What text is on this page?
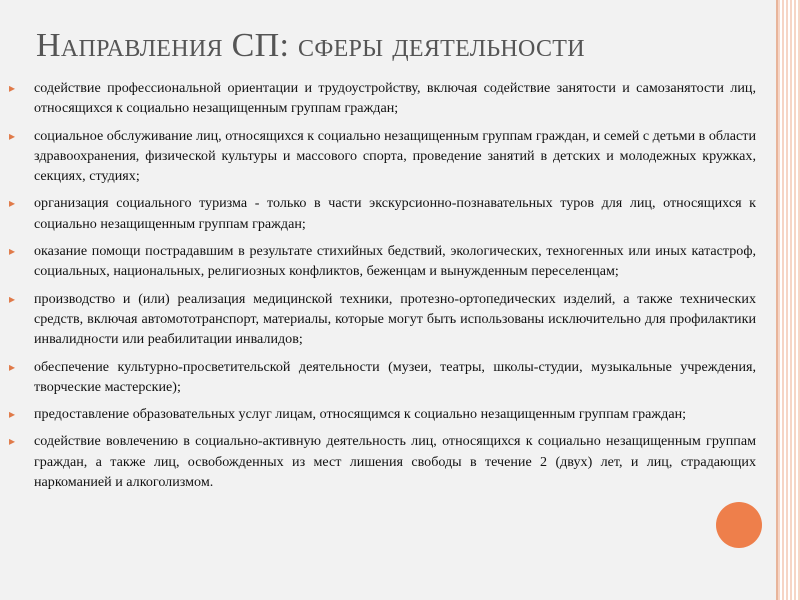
Направления СП: сферы деятельности
▸ содействие профессиональной ориентации и трудоустройству, включая содействие занятости и самозанятости лиц, относящихся к социально незащищенным группам граждан;
▸ социальное обслуживание лиц, относящихся к социально незащищенным группам граждан, и семей с детьми в области здравоохранения, физической культуры и массового спорта, проведение занятий в детских и молодежных кружках, секциях, студиях;
▸ организация социального туризма - только в части экскурсионно-познавательных туров для лиц, относящихся к социально незащищенным группам граждан;
▸ оказание помощи пострадавшим в результате стихийных бедствий, экологических, техногенных или иных катастроф, социальных, национальных, религиозных конфликтов, беженцам и вынужденным переселенцам;
▸ производство и (или) реализация медицинской техники, протезно-ортопедических изделий, а также технических средств, включая автомототранспорт, материалы, которые могут быть использованы исключительно для профилактики инвалидности или реабилитации инвалидов;
▸ обеспечение культурно-просветительской деятельности (музеи, театры, школы-студии, музыкальные учреждения, творческие мастерские);
▸ предоставление образовательных услуг лицам, относящимся к социально незащищенным группам граждан;
▸ содействие вовлечению в социально-активную деятельность лиц, относящихся к социально незащищенным группам граждан, а также лиц, освобожденных из мест лишения свободы в течение 2 (двух) лет, и лиц, страдающих наркоманией и алкоголизмом.
